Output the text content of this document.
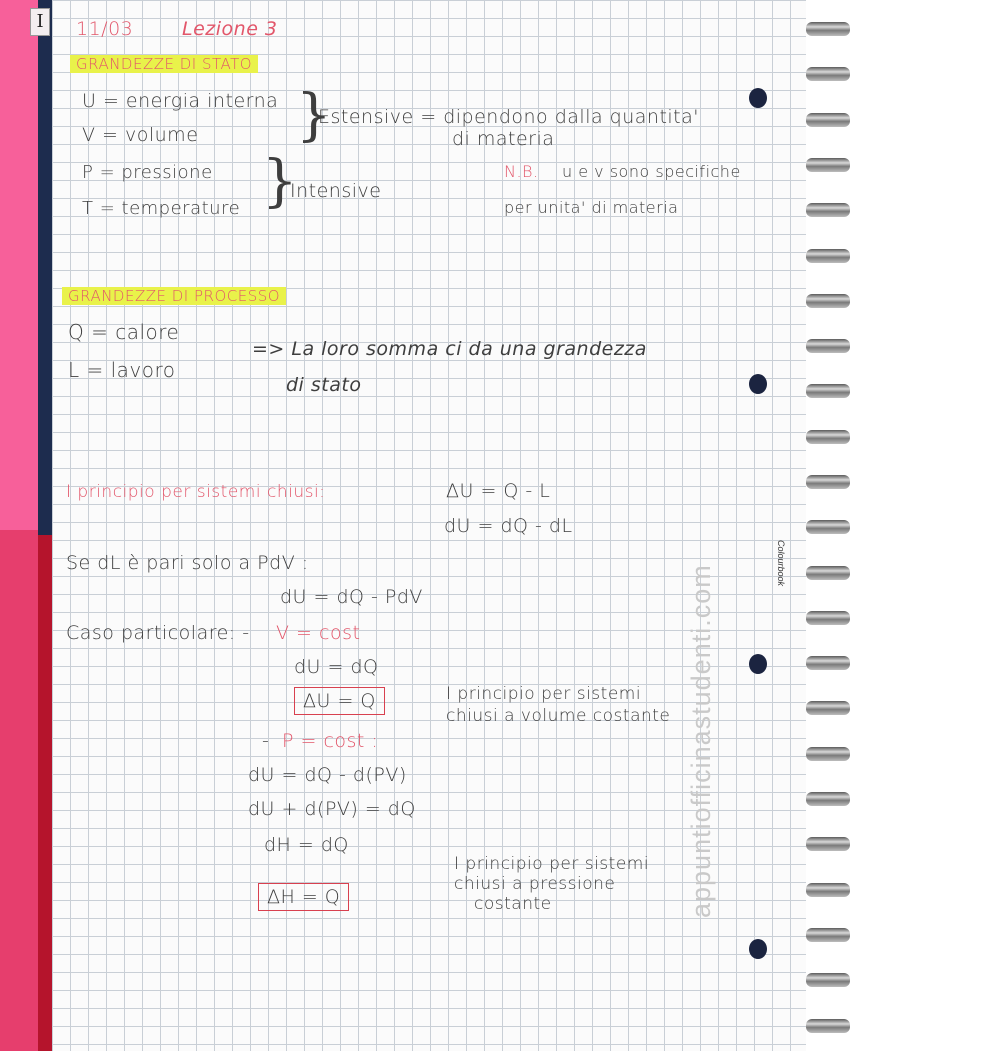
I	11/03	Lezione 3
GRANDEZZE DI STATO
U = energia interna
V = volume
P = pressione
T = temperature
}
}
Estensive = dipendono dalla quantita'
di materia
Intensive
N.B. u e v sono specifiche
per unita' di materia
GRANDEZZE DI PROCESSO
Q = calore
L = lavoro
=> La loro somma ci da una grandezza
di stato
I principio per sistemi chiusi:	ΔU = Q - L
dU = dQ - dL
Se dL è pari solo a PdV :
dU = dQ - PdV
Caso particolare: - V = cost
dU = dQ
ΔU = Q	I principio per sistemi
chiusi a volume costante
- P = cost :
dU = dQ - d(PV)
dU + d(PV) = dQ
dH = dQ
ΔH = Q
I principio per sistemi
chiusi a pressione
costante	appuntiofficinastudenti.com
Colourbook
